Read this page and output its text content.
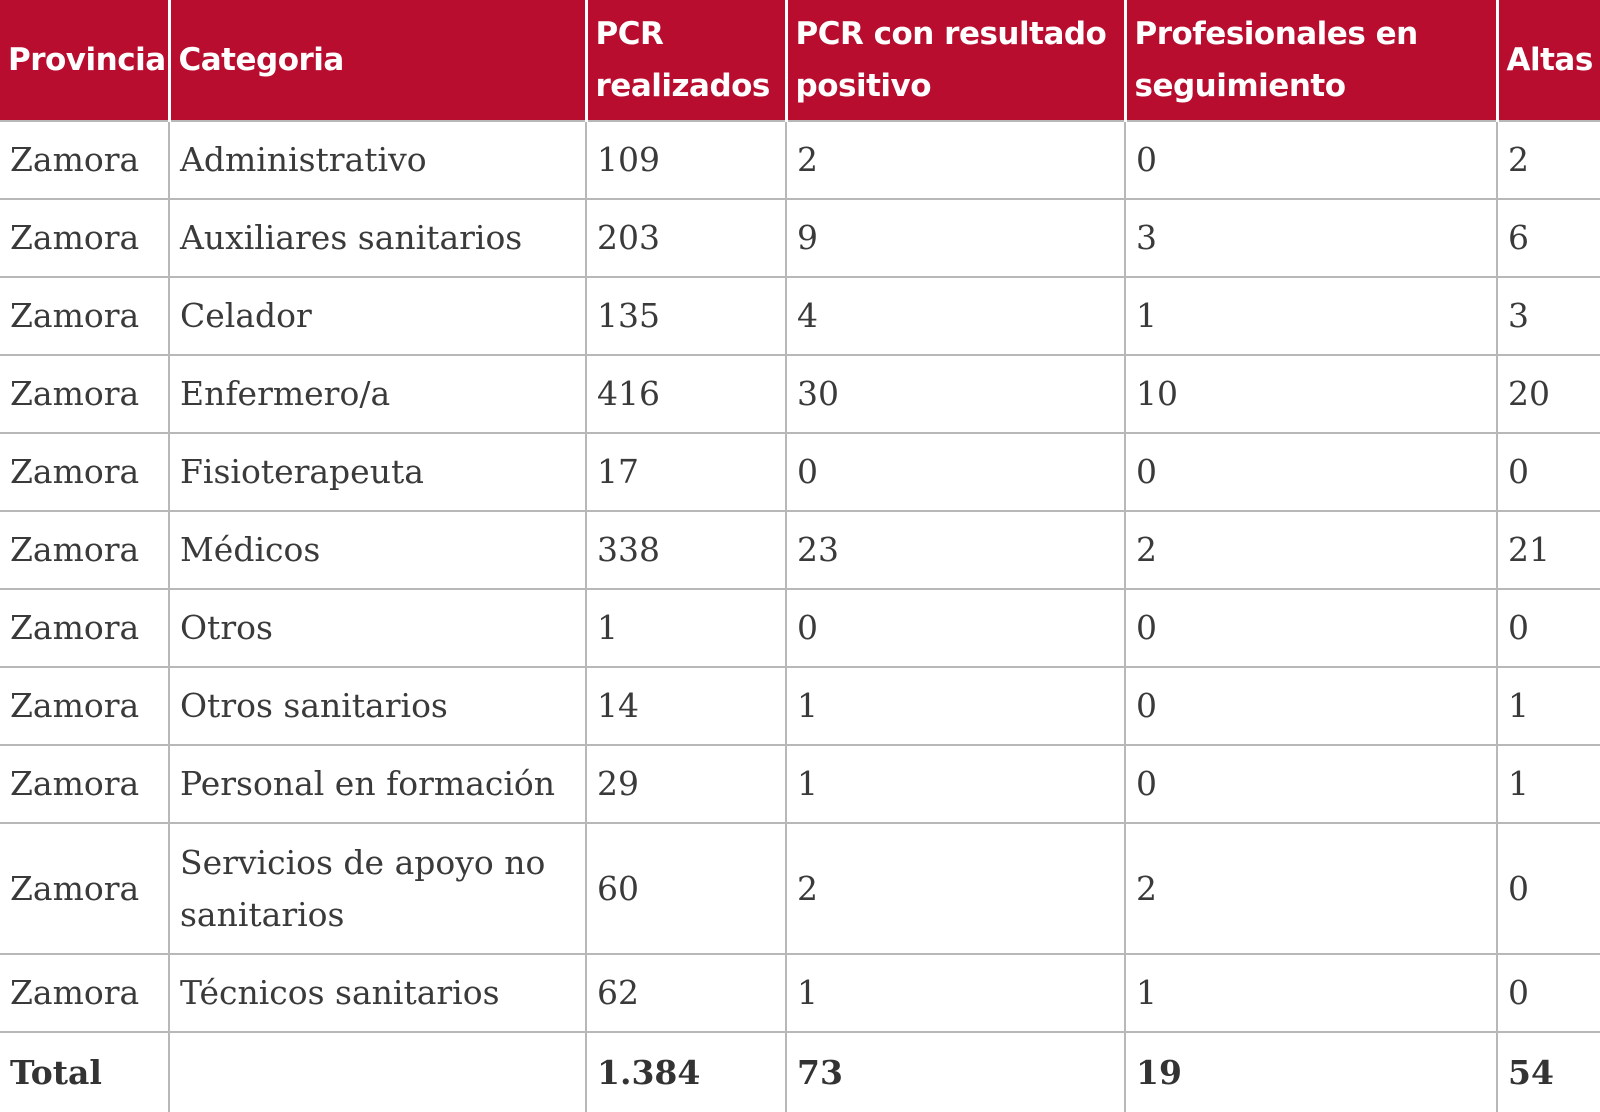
Provincia	Categoria	PCR realizados	PCR con resultado positivo	Profesionales en seguimiento	Altas
Zamora	Administrativo	109	2	0	2
Zamora	Auxiliares sanitarios	203	9	3	6
Zamora	Celador	135	4	1	3
Zamora	Enfermero/a	416	30	10	20
Zamora	Fisioterapeuta	17	0	0	0
Zamora	Médicos	338	23	2	21
Zamora	Otros	1	0	0	0
Zamora	Otros sanitarios	14	1	0	1
Zamora	Personal en formación	29	1	0	1
Zamora	Servicios de apoyo no sanitarios	60	2	2	0
Zamora	Técnicos sanitarios	62	1	1	0
Total		1.384	73	19	54
